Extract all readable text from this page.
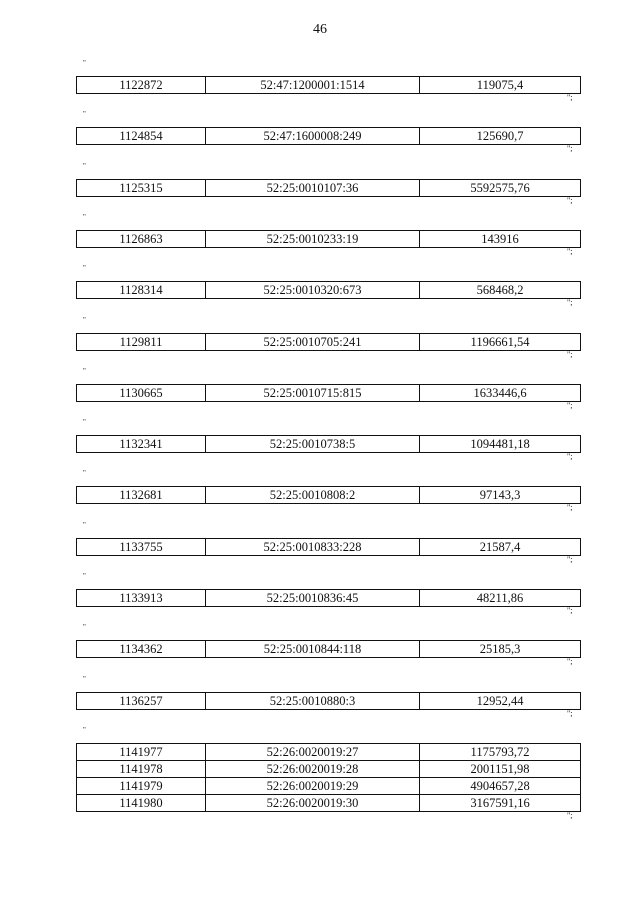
46
"
1122872	52:47:1200001:1514	119075,4
";
"
1124854	52:47:1600008:249	125690,7
";
"
1125315	52:25:0010107:36	5592575,76
";
"
1126863	52:25:0010233:19	143916
";
"
1128314	52:25:0010320:673	568468,2
";
"
1129811	52:25:0010705:241	1196661,54
";
"
1130665	52:25:0010715:815	1633446,6
";
"
1132341	52:25:0010738:5	1094481,18
";
"
1132681	52:25:0010808:2	97143,3
";
"
1133755	52:25:0010833:228	21587,4
";
"
1133913	52:25:0010836:45	48211,86
";
"
1134362	52:25:0010844:118	25185,3
";
"
1136257	52:25:0010880:3	12952,44
";
"
1141977	52:26:0020019:27	1175793,72
1141978	52:26:0020019:28	2001151,98
1141979	52:26:0020019:29	4904657,28
1141980	52:26:0020019:30	3167591,16
";
